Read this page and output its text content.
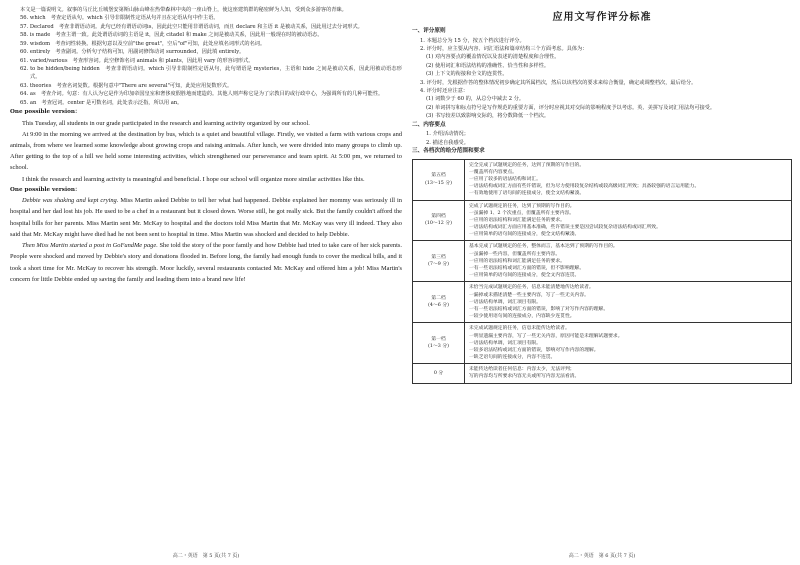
本文是一篇说明文。叙事的马丘比丘城堡安第斯山脉山峰在热带森林中央的一座山脊上，使这座建筑群的秘密鲜为人知，受到众多游客的青睐。

56. which　考查定语从句。which 引导非限制性定语从句并且在定语从句中作主语。

57. Declared　考查非谓语动词。此句已经有谓语动词is，因此此空只能用非谓语动词，而且 declare 和主语 it 是被动关系，因此用过去分词形式。

58. is made　考查主谓一致。此处谓语动词的主语是 it，因此 citadel 和 make 之间是被动关系，因此用一般现在时的被动语态。

59. wisdom　考查词性转换。根据句意以及空前"the great"，空后"of"可知，此处应填名词形式的名词。

60. entirely　考查副词。分析句子结构可知，用副词修饰动词 surrounded，因此填 entirely。

61. varied/various　考查形容词。此空修饰名词 animals 和 plants，因此用 vary 的形容词形式。

62. to be hidden/being hidden　考查非谓语动词。which 引导非限制性定语从句，此句谓语是 mysteries，主语和 hide 之间是被动关系，因此用被动语态形式。

63. theories　考查名词复数。根据句意中"There are several"可知，此处应用复数形式。

64. as　考查介词。句意：有人认为它是作为印加帝国皇室和奢侈度假胜地而建造的。其他人则声称它是为了宗教目的或行政中心，为强调所有的几种可能性。

65. an　考查冠词。center 是可数名词，此处表示泛指，所以用 an。

One possible version：

This Tuesday, all students in our grade participated in the research and learning activity organized by our school.

At 9:00 in the morning we arrived at the destination by bus, which is a quiet and beautiful village. Firstly, we visited a farm with various crops and animals, from where we learned some knowledge about growing crops and raising animals. After lunch, we were divided into many groups to climb up. After getting to the top of a hill we held some interesting activities, which strengthened our perseverance and team spirit. At 5:00 pm, we returned to school.

I think the research and learning activity is meaningful and beneficial. I hope our school will organize more similar activities like this.

One possible version：

Debbie was shaking and kept crying. Miss Martin asked Debbie to tell her what had happened. Debbie explained her mommy was seriously ill in hospital and her dad lost his job. He used to be a chef in a restaurant but it closed down. Worse still, he got really sick. But the family couldn't afford the hospital bills for her parents. Miss Martin sent Mr. McKay to hospital and the doctors told Miss Martin that Mr. McKay was very ill indeed. They also said that Mr. McKay might have died had he not been sent to hospital in time. Miss Martin was shocked and decided to help Debbie.

Then Miss Martin started a post in GoFundMe page. She told the story of the poor family and how Debbie had tried to take care of her sick parents. People were shocked and moved by Debbie's story and donations flooded in. Before long, the family had enough funds to cover the medical bills, and it took a short time for Mr. McKay to recover his strength. Moor luckily, several restaurants contacted Mr. McKay and offered him a job! Miss Martin's concern for little Debbie ended up saving the family and leading them into a brand new life!

高二・英语　第 5 页(共 7 页)
应用文写作评分标准
一、评分原则
1. 本题总分为 15 分，按五个档次进行评分。
2. 评分时，应主要从内容、词汇语法和篇章结构三个方面考虑。具体为：
(1) 对内容要点的覆盖情况以及表述的清楚程度和合理性。
(2) 使用词汇和语法结构的准确性、恰当性和多样性。
(3) 上下文的衔接和全文的连贯性。
3. 评分时，先根据作答的整体情况初步确定其所属档次，然后以该档次的要求来综合衡量，确定或调整档次，最后给分。
4. 评分时还应注意：
(1) 词数少于 60 的，从总分中减去 2 分。
(2) 单词拼写和标点符号是写作规范的重要方面，评分时应视其对交际的影响程度予以考虑。英、美拼写及词汇用法均可接受。
(3) 书写较差以致影响交际的，将分数降低一个档次。
二、内容要点
1. 介绍活动情况；
2. 描述自我感受。
三、各档次的给分范围和要求
第五档
(13～15 分)	完全完成了试题规定的任务，达到了预期的写作目的。
一覆盖所有内容要点。
一应用了较多的语法结构和词汇。
一语法结构或词汇方面有些许错误，但为尽力使用较复杂结构或较高级词汇所致；具备较强的语言运用能力。
一有效地使用了语句间的连接成分，使全文结构紧凑。

第四档
(10～12 分)	完成了试题规定的任务，达到了预期的写作目的。
一虽漏掉 1、2 个次重点，但覆盖所有主要内容。
一应用的语法结构和词汇能满足任务的要求。
一语法结构或词汇方面应用基本准确，些许错误主要是因尝试较复杂语法结构或词汇所致。
一应用简单的语句间的连接成分，使全文结构紧凑。

第三档
(7～9 分)	基本完成了试题规定的任务，整体而言，基本达到了预期的写作目的。
一虽漏掉一些内容，但覆盖所有主要内容。
一应用的语法结构和词汇能满足任务的要求。
一有一些语法结构或词汇方面的错误，但不影响理解。
一应用简单的语句间的连接成分，使全文内容连贯。

第二档
(4～6 分)	未恰当完成试题规定的任务，信息未能清楚地传达给读者。
一漏掉或未描述清楚一些主要内容，写了一些无关内容。
一语法结构单调，词汇项目有限。
一有一些语法结构或词汇方面的错误，影响了对写作内容的理解。
一较少使用语句间的连接成分，内容缺少连贯性。

第一档
(1～3 分)	未完成试题规定的任务，信息未能传达给读者。
一明显遗漏主要内容，写了一些无关内容，原因可能是未理解试题要求。
一语法结构单调，词汇项目有限。
一较多语法结构或词汇方面的错误，影响对写作内容的理解。
一缺乏语句间的连接成分，内容不连贯。

0 分	未能传达给读者任何信息：内容太少，无法评判；
写的内容均与所要求内容无关或所写内容无法看清。
高二・英语　第 6 页(共 7 页)
